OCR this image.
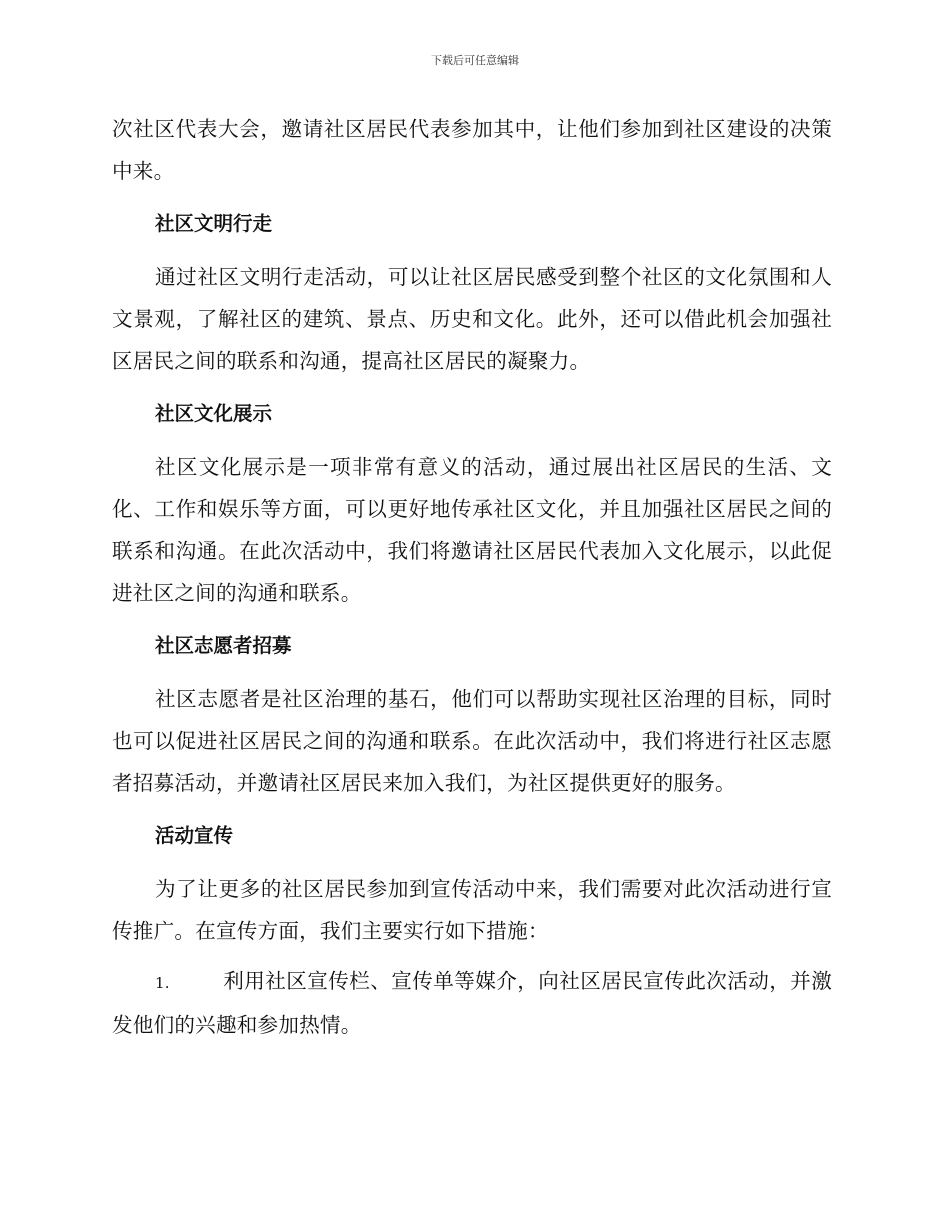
下载后可任意编辑

次社区代表大会，邀请社区居民代表参加其中，让他们参加到社区建设的决策中来。

社区文明行走

通过社区文明行走活动，可以让社区居民感受到整个社区的文化氛围和人文景观，了解社区的建筑、景点、历史和文化。此外，还可以借此机会加强社区居民之间的联系和沟通，提高社区居民的凝聚力。

社区文化展示

社区文化展示是一项非常有意义的活动，通过展出社区居民的生活、文化、工作和娱乐等方面，可以更好地传承社区文化，并且加强社区居民之间的联系和沟通。在此次活动中，我们将邀请社区居民代表加入文化展示，以此促进社区之间的沟通和联系。

社区志愿者招募

社区志愿者是社区治理的基石，他们可以帮助实现社区治理的目标，同时也可以促进社区居民之间的沟通和联系。在此次活动中，我们将进行社区志愿者招募活动，并邀请社区居民来加入我们，为社区提供更好的服务。

活动宣传

为了让更多的社区居民参加到宣传活动中来，我们需要对此次活动进行宣传推广。在宣传方面，我们主要实行如下措施：

1.	利用社区宣传栏、宣传单等媒介，向社区居民宣传此次活动，并激发他们的兴趣和参加热情。
